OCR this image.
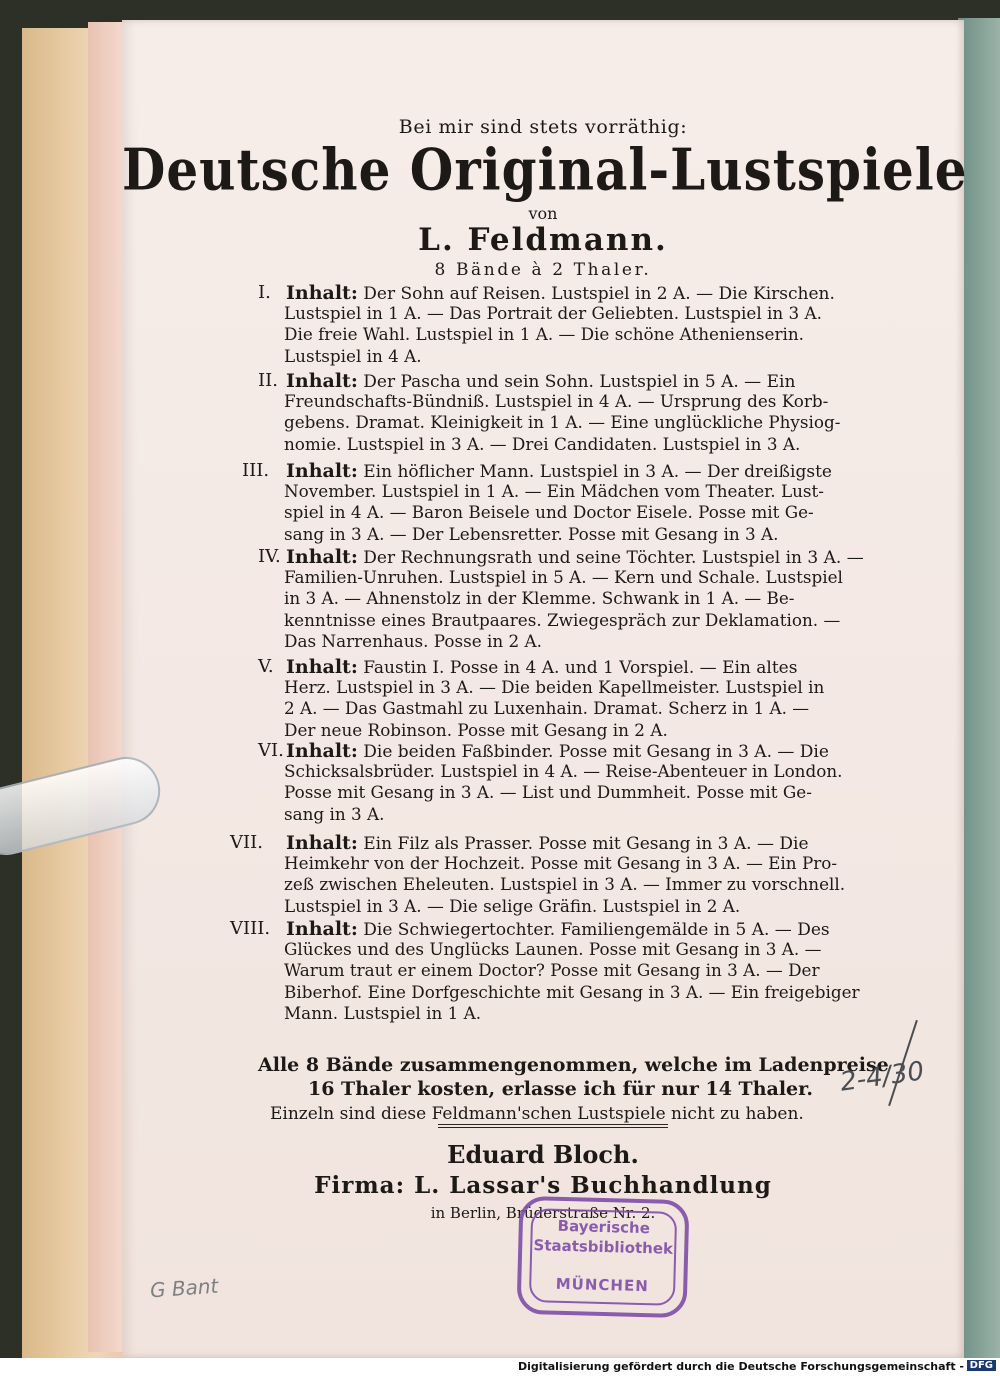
Bei mir sind stets vorräthig:
Deutsche Original-Lustspiele
von
L. Feldmann.
8 Bände à 2 Thaler.
I. Inhalt: Der Sohn auf Reisen. Lustspiel in 2 A. — Die Kirschen.
Lustspiel in 1 A. — Das Portrait der Geliebten. Lustspiel in 3 A.
Die freie Wahl. Lustspiel in 1 A. — Die schöne Athenienserin.
Lustspiel in 4 A.
II. Inhalt: Der Pascha und sein Sohn. Lustspiel in 5 A. — Ein
Freundschafts-Bündniß. Lustspiel in 4 A. — Ursprung des Korb-
gebens. Dramat. Kleinigkeit in 1 A. — Eine unglückliche Physiog-
nomie. Lustspiel in 3 A. — Drei Candidaten. Lustspiel in 3 A.
III. Inhalt: Ein höflicher Mann. Lustspiel in 3 A. — Der dreißigste
November. Lustspiel in 1 A. — Ein Mädchen vom Theater. Lust-
spiel in 4 A. — Baron Beisele und Doctor Eisele. Posse mit Ge-
sang in 3 A. — Der Lebensretter. Posse mit Gesang in 3 A.
IV. Inhalt: Der Rechnungsrath und seine Töchter. Lustspiel in 3 A. —
Familien-Unruhen. Lustspiel in 5 A. — Kern und Schale. Lustspiel
in 3 A. — Ahnenstolz in der Klemme. Schwank in 1 A. — Be-
kenntnisse eines Brautpaares. Zwiegespräch zur Deklamation. —
Das Narrenhaus. Posse in 2 A.
V. Inhalt: Faustin I. Posse in 4 A. und 1 Vorspiel. — Ein altes
Herz. Lustspiel in 3 A. — Die beiden Kapellmeister. Lustspiel in
2 A. — Das Gastmahl zu Luxenhain. Dramat. Scherz in 1 A. —
Der neue Robinson. Posse mit Gesang in 2 A.
VI. Inhalt: Die beiden Faßbinder. Posse mit Gesang in 3 A. — Die
Schicksalsbrüder. Lustspiel in 4 A. — Reise-Abenteuer in London.
Posse mit Gesang in 3 A. — List und Dummheit. Posse mit Ge-
sang in 3 A.
VII. Inhalt: Ein Filz als Prasser. Posse mit Gesang in 3 A. — Die
Heimkehr von der Hochzeit. Posse mit Gesang in 3 A. — Ein Pro-
zeß zwischen Eheleuten. Lustspiel in 3 A. — Immer zu vorschnell.
Lustspiel in 3 A. — Die selige Gräfin. Lustspiel in 2 A.
VIII. Inhalt: Die Schwiegertochter. Familiengemälde in 5 A. — Des
Glückes und des Unglücks Launen. Posse mit Gesang in 3 A. —
Warum traut er einem Doctor? Posse mit Gesang in 3 A. — Der
Biberhof. Eine Dorfgeschichte mit Gesang in 3 A. — Ein freigebiger
Mann. Lustspiel in 1 A.
Alle 8 Bände zusammengenommen, welche im Ladenpreise
16 Thaler kosten, erlasse ich für nur 14 Thaler.
Einzeln sind diese Feldmann'schen Lustspiele nicht zu haben.
Eduard Bloch.
Firma: L. Lassar's Buchhandlung
in Berlin, Brüderstraße Nr. 2.
Bayerische
Staatsbibliothek
MÜNCHEN
2-4/30
G Bant
Digitalisierung gefördert durch die Deutsche Forschungsgemeinschaft - DFG
